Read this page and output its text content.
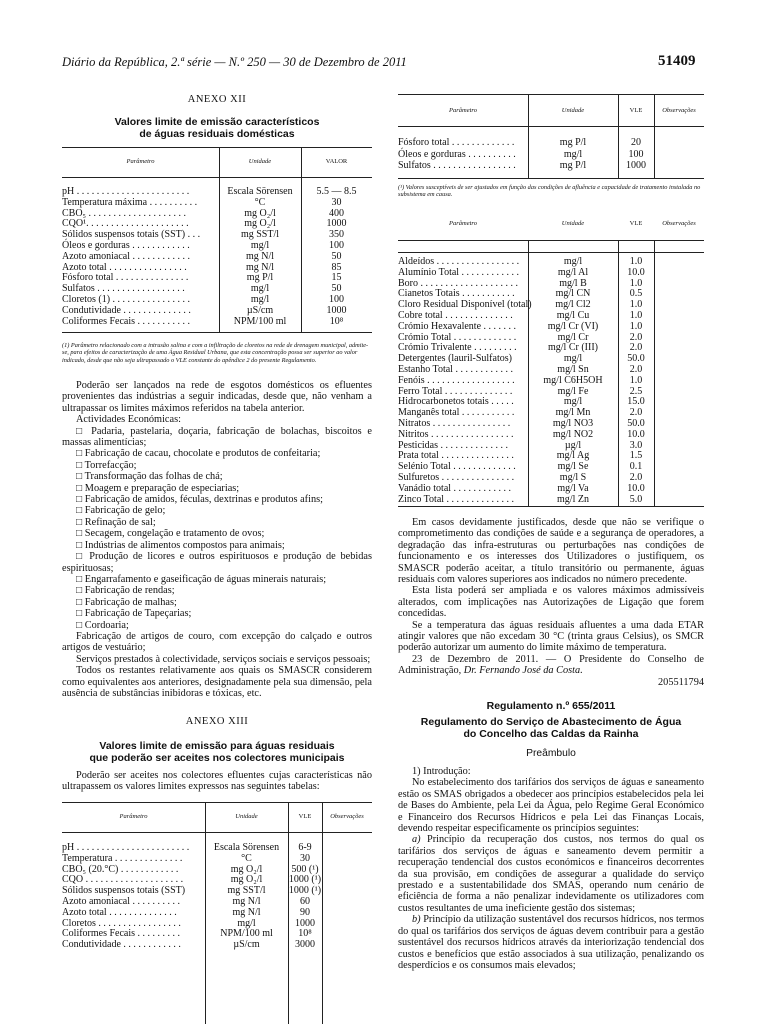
Diário da República, 2.ª série — N.º 250 — 30 de Dezembro de 2011	51409
ANEXO XII
Valores limite de emissão característicos
de águas residuais domésticas
Parâmetro	Unidade	VALOR
pH . . . . . . . . . . . . . . . . . . . . . . .	Escala Sörensen	5.5 — 8.5
Temperatura máxima . . . . . . . . . .	°C	30
CBO₅ . . . . . . . . . . . . . . . . . . . .	mg O₂/l	400
CQO¹. . . . . . . . . . . . . . . . . . . . .	mg O₂/l	1000
Sólidos suspensos totais (SST) . . .	mg SST/l	350
Óleos e gorduras . . . . . . . . . . . .	mg/l	100
Azoto amoniacal . . . . . . . . . . . .	mg N/l	50
Azoto total . . . . . . . . . . . . . . . .	mg N/l	85
Fósforo total . . . . . . . . . . . . . . .	mg P/l	15
Sulfatos . . . . . . . . . . . . . . . . . .	mg/l	50
Cloretos (1) . . . . . . . . . . . . . . . .	mg/l	100
Condutividade . . . . . . . . . . . . . .	µS/cm	1000
Coliformes Fecais . . . . . . . . . . .	NPM/100 ml	10⁸
(1) Parâmetro relacionado com a intrusão salina e com a infiltração de cloretos na rede de drenagem municipal, admite-se, para efeitos de caracterização de uma Água Residual Urbana, que esta concentração possa ser superior ao valor indicado, desde que não seja ultrapassado o VLE constante do apêndice 2 do presente Regulamento.

Poderão ser lançados na rede de esgotos domésticos os efluentes provenientes das indústrias a seguir indicadas, desde que, não venham a ultrapassar os limites máximos referidos na tabela anterior.

Actividades Económicas:

□ Padaria, pastelaria, doçaria, fabricação de bolachas, biscoitos e massas alimentícias;

□ Fabricação de cacau, chocolate e produtos de confeitaria;

□ Torrefacção;

□ Transformação das folhas de chá;

□ Moagem e preparação de especiarias;

□ Fabricação de amidos, féculas, dextrinas e produtos afins;

□ Fabricação de gelo;

□ Refinação de sal;

□ Secagem, congelação e tratamento de ovos;

□ Indústrias de alimentos compostos para animais;

□ Produção de licores e outros espirituosos e produção de bebidas espirituosas;

□ Engarrafamento e gaseificação de águas minerais naturais;

□ Fabricação de rendas;

□ Fabricação de malhas;

□ Fabricação de Tapeçarias;

□ Cordoaria;

Fabricação de artigos de couro, com excepção do calçado e outros artigos de vestuário;

Serviços prestados à colectividade, serviços sociais e serviços pessoais;

Todos os restantes relativamente aos quais os SMASCR considerem como equivalentes aos anteriores, designadamente pela sua dimensão, pela ausência de substâncias inibidoras e tóxicas, etc.

ANEXO XIII
Valores limite de emissão para águas residuais
que poderão ser aceites nos colectores municipais

Poderão ser aceites nos colectores efluentes cujas características não ultrapassem os valores limites expressos nas seguintes tabelas:

Parâmetro	Unidade	VLE	Observações
pH . . . . . . . . . . . . . . . . . . . . . . .	Escala Sörensen	6-9
Temperatura . . . . . . . . . . . . . .	°C	30
CBO₅ (20.°C) . . . . . . . . . . . .	mg O₂/l	500 (¹)
CQO . . . . . . . . . . . . . . . . . . . .	mg O₂/l	1000 (¹)
Sólidos suspensos totais (SST)	mg SST/l	1000 (¹)
Azoto amoniacal . . . . . . . . . .	mg N/l	60
Azoto total . . . . . . . . . . . . . .	mg N/l	90
Cloretos . . . . . . . . . . . . . . . . .	mg/l	1000
Coliformes Fecais . . . . . . . . .	NPM/100 ml	10⁸
Condutividade . . . . . . . . . . . .	µS/cm	3000
Parâmetro	Unidade	VLE	Observações
Fósforo total . . . . . . . . . . . . .	mg P/l	20
Óleos e gorduras . . . . . . . . . .	mg/l	100
Sulfatos . . . . . . . . . . . . . . . . .	mg P/l	1000
(¹) Valores susceptíveis de ser ajustados em função das condições de afluência e capacidade de tratamento instalada no subsistema em causa.
Parâmetro	Unidade	VLE	Observações
Aldeídos . . . . . . . . . . . . . . . . .	mg/l	1.0
Alumínio Total . . . . . . . . . . . .	mg/l Al	10.0
Boro . . . . . . . . . . . . . . . . . . . .	mg/l B	1.0
Cianetos Totais . . . . . . . . . . .	mg/l CN	0.5
Cloro Residual Disponível (total)	mg/l Cl2	1.0
Cobre total . . . . . . . . . . . . . .	mg/l Cu	1.0
Crómio Hexavalente . . . . . . .	mg/l Cr (VI)	1.0
Crómio Total . . . . . . . . . . . . .	mg/l Cr	2.0
Crómio Trivalente . . . . . . . . .	mg/l Cr (III)	2.0
Detergentes (lauril-Sulfatos)	mg/l	50.0
Estanho Total . . . . . . . . . . . .	mg/l Sn	2.0
Fenóis . . . . . . . . . . . . . . . . . .	mg/l C6H5OH	1.0
Ferro Total . . . . . . . . . . . . . .	mg/l Fe	2.5
Hidrocarbonetos totais . . . . .	mg/l	15.0
Manganês total . . . . . . . . . . .	mg/l Mn	2.0
Nitratos . . . . . . . . . . . . . . . .	mg/l NO3	50.0
Nitritos . . . . . . . . . . . . . . . . .	mg/l NO2	10.0
Pesticidas . . . . . . . . . . . . . .	µg/l	3.0
Prata total . . . . . . . . . . . . . . .	mg/l Ag	1.5
Selénio Total . . . . . . . . . . . . .	mg/l Se	0.1
Sulfuretos . . . . . . . . . . . . . . .	mg/l S	2.0
Vanádio total . . . . . . . . . . . .	mg/l Va	10.0
Zinco Total . . . . . . . . . . . . . .	mg/l Zn	5.0

Em casos devidamente justificados, desde que não se verifique o comprometimento das condições de saúde e a segurança de operadores, a degradação das infra-estruturas ou perturbações nas condições de funcionamento e os interesses dos Utilizadores o justifiquem, os SMASCR poderão aceitar, a título transitório ou permanente, águas residuais com valores superiores aos indicados no número precedente.

Esta lista poderá ser ampliada e os valores máximos admissíveis alterados, com implicações nas Autorizações de Ligação que forem concedidas.

Se a temperatura das águas residuais afluentes a uma dada ETAR atingir valores que não excedam 30 °C (trinta graus Celsius), os SMCR poderão autorizar um aumento do limite máximo de temperatura.

23 de Dezembro de 2011. — O Presidente do Conselho de Administração, Dr. Fernando José da Costa.

205511794

Regulamento n.º 655/2011
Regulamento do Serviço de Abastecimento de Água
do Concelho das Caldas da Rainha
Preâmbulo

1) Introdução:

No estabelecimento dos tarifários dos serviços de águas e saneamento estão os SMAS obrigados a obedecer aos princípios estabelecidos pela lei de Bases do Ambiente, pela Lei da Água, pelo Regime Geral Económico e Financeiro dos Recursos Hídricos e pela Lei das Finanças Locais, devendo respeitar especificamente os princípios seguintes:

a) Princípio da recuperação dos custos, nos termos do qual os tarifários dos serviços de águas e saneamento devem permitir a recuperação tendencial dos custos económicos e financeiros decorrentes da sua provisão, em condições de assegurar a qualidade do serviço prestado e a sustentabilidade dos SMAS, operando num cenário de eficiência de forma a não penalizar indevidamente os utilizadores com custos resultantes de uma ineficiente gestão dos sistemas;

b) Princípio da utilização sustentável dos recursos hídricos, nos termos do qual os tarifários dos serviços de águas devem contribuir para a gestão sustentável dos recursos hídricos através da interiorização tendencial dos custos e benefícios que estão associados à sua utilização, penalizando os desperdícios e os consumos mais elevados;
